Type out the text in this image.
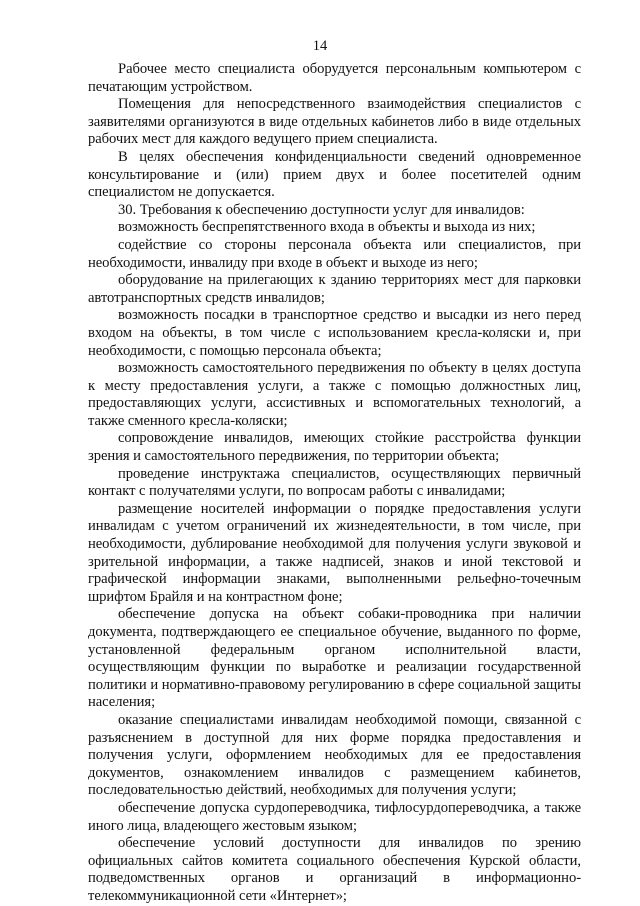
14

Рабочее место специалиста оборудуется персональным компьютером с печатающим устройством.

Помещения для непосредственного взаимодействия специалистов с заявителями организуются в виде отдельных кабинетов либо в виде отдельных рабочих мест для каждого ведущего прием специалиста.

В целях обеспечения конфиденциальности сведений одновременное консультирование и (или) прием двух и более посетителей одним специалистом не допускается.

30. Требования к обеспечению доступности услуг для инвалидов:

возможность беспрепятственного входа в объекты и выхода из них;

содействие со стороны персонала объекта или специалистов, при необходимости, инвалиду при входе в объект и выходе из него;

оборудование на прилегающих к зданию территориях мест для парковки автотранспортных средств инвалидов;

возможность посадки в транспортное средство и высадки из него перед входом на объекты, в том числе с использованием кресла-коляски и, при необходимости, с помощью персонала объекта;

возможность самостоятельного передвижения по объекту в целях доступа к месту предоставления услуги, а также с помощью должностных лиц, предоставляющих услуги, ассистивных и вспомогательных технологий, а также сменного кресла-коляски;

сопровождение инвалидов, имеющих стойкие расстройства функции зрения и самостоятельного передвижения, по территории объекта;

проведение инструктажа специалистов, осуществляющих первичный контакт с получателями услуги, по вопросам работы с инвалидами;

размещение носителей информации о порядке предоставления услуги инвалидам с учетом ограничений их жизнедеятельности, в том числе, при необходимости, дублирование необходимой для получения услуги звуковой и зрительной информации, а также надписей, знаков и иной текстовой и графической информации знаками, выполненными рельефно-точечным шрифтом Брайля и на контрастном фоне;

обеспечение допуска на объект собаки-проводника при наличии документа, подтверждающего ее специальное обучение, выданного по форме, установленной федеральным органом исполнительной власти, осуществляющим функции по выработке и реализации государственной политики и нормативно-правовому регулированию в сфере социальной защиты населения;

оказание специалистами инвалидам необходимой помощи, связанной с разъяснением в доступной для них форме порядка предоставления и получения услуги, оформлением необходимых для ее предоставления документов, ознакомлением инвалидов с размещением кабинетов, последовательностью действий, необходимых для получения услуги;

обеспечение допуска сурдопереводчика, тифлосурдопереводчика, а также иного лица, владеющего жестовым языком;

обеспечение условий доступности для инвалидов по зрению официальных сайтов комитета социального обеспечения Курской области, подведомственных органов и организаций в информационно-телекоммуникационной сети «Интернет»;
